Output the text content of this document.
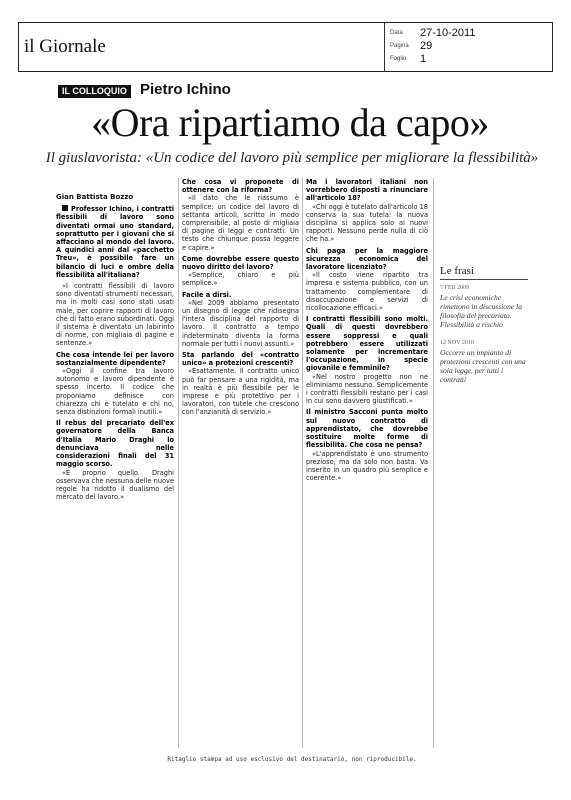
il Giornale
Data	27-10-2011
Pagina	29
Foglio	1
IL COLLOQUIO Pietro Ichino
«Ora ripartiamo da capo»
Il giuslavorista: «Un codice del lavoro più semplice per migliorare la flessibilità»
Gian Battista Bozzo

Professor Ichino, i contratti flessibili di lavoro sono diventati ormai uno standard, soprattutto per i giovani che si affacciano al mondo del lavoro. A quindici anni dal «pacchetto Treu», è possibile fare un bilancio di luci e ombre della flessibilità all'italiana?

«I contratti flessibili di lavoro sono diventati strumenti necessari, ma in molti casi sono stati usati male, per coprire rapporti di lavoro che di fatto erano subordinati. Oggi il sistema è diventato un labirinto di norme, con migliaia di pagine e sentenze.»

Che cosa intende lei per lavoro sostanzialmente dipendente?

«Oggi il confine tra lavoro autonomo e lavoro dipendente è spesso incerto. Il codice che proponiamo definisce con chiarezza chi è tutelato e chi no, senza distinzioni formali inutili.»

Il rebus del precariato dell'ex governatore della Banca d'Italia Mario Draghi lo denunciava nelle considerazioni finali del 31 maggio scorso.

«È proprio quello. Draghi osservava che nessuna delle nuove regole ha ridotto il dualismo del mercato del lavoro.»

Che cosa vi proponete di ottenere con la riforma?

«Il dato che le riassumo è semplice: un codice del lavoro di settanta articoli, scritto in modo comprensibile, al posto di migliaia di pagine di leggi e contratti. Un testo che chiunque possa leggere e capire.»

Come dovrebbe essere questo nuovo diritto del lavoro?

«Semplice, chiaro e più semplice.»

Facile a dirsi.

«Nel 2009 abbiamo presentato un disegno di legge che ridisegna l'intera disciplina del rapporto di lavoro. Il contratto a tempo indeterminato diventa la forma normale per tutti i nuovi assunti.»

Sta parlando del «contratto unico» a protezioni crescenti?

«Esattamente. Il contratto unico può far pensare a una rigidità, ma in realtà è più flessibile per le imprese e più protettivo per i lavoratori, con tutele che crescono con l'anzianità di servizio.»

Ma i lavoratori italiani non vorrebbero disposti a rinunciare all'articolo 18?

«Chi oggi è tutelato dall'articolo 18 conserva la sua tutela: la nuova disciplina si applica solo ai nuovi rapporti. Nessuno perde nulla di ciò che ha.»

Chi paga per la maggiore sicurezza economica del lavoratore licenziato?

«Il costo viene ripartito tra impresa e sistema pubblico, con un trattamento complementare di disoccupazione e servizi di ricollocazione efficaci.»

I contratti flessibili sono molti. Quali di questi dovrebbero essere soppressi e quali potrebbero essere utilizzati solamente per incrementare l'occupazione, in specie giovanile e femminile?

«Nel nostro progetto non ne eliminiamo nessuno. Semplicemente i contratti flessibili restano per i casi in cui sono davvero giustificati.»

Il ministro Sacconi punta molto sul nuovo contratto di apprendistato, che dovrebbe sostituire molte forme di flessibilità. Che cosa ne pensa?

«L'apprendistato è uno strumento prezioso, ma da solo non basta. Va inserito in un quadro più semplice e coerente.»

Le frasi
7 FEB 2009
Le crisi economiche rimettono in discussione la filosofia del precariato. Flessibilità a rischio
12 NOV 2010
Occorre un impianto di protezioni crescenti con una sola legge, per tutti i contratti
Ritaglio stampa ad uso esclusivo del destinatario, non riproducibile.
